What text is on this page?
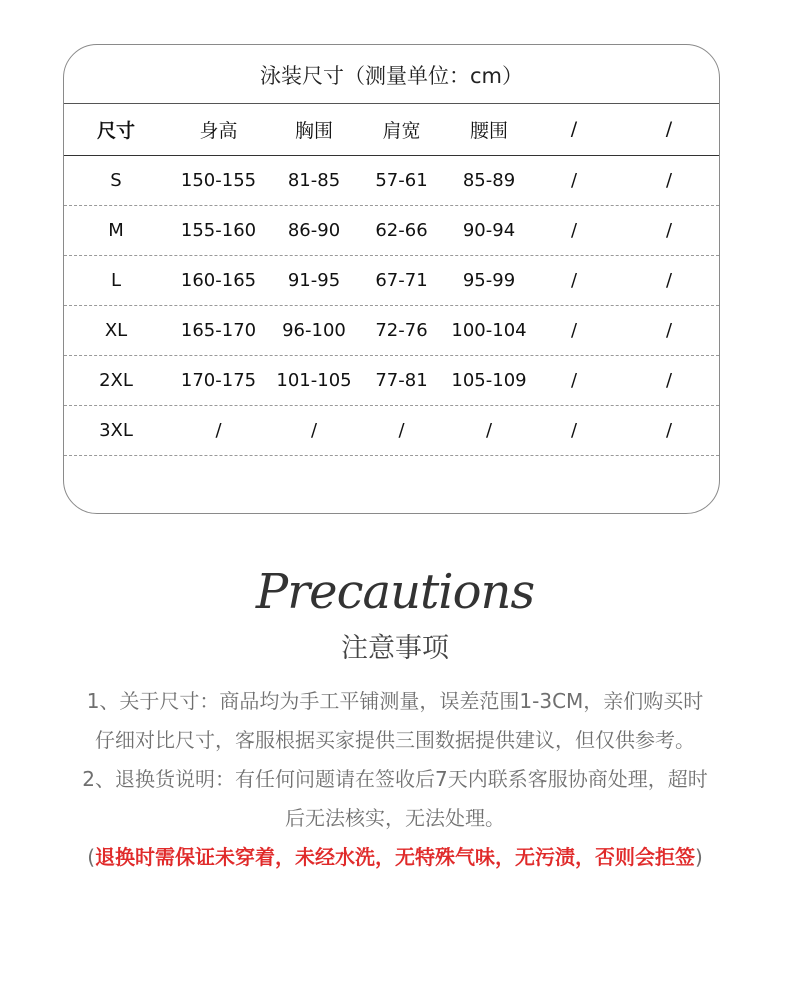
泳装尺寸（测量单位：cm）
尺寸	身高	胸围	肩宽	腰围	/	/
S	150-155	81-85	57-61	85-89	/	/
M	155-160	86-90	62-66	90-94	/	/
L	160-165	91-95	67-71	95-99	/	/
XL	165-170	96-100	72-76	100-104	/	/
2XL	170-175	101-105	77-81	105-109	/	/
3XL	/	/	/	/	/	/
Precautions
注意事项

1、关于尺寸：商品均为手工平铺测量，误差范围1-3CM，亲们购买时仔细对比尺寸，客服根据买家提供三围数据提供建议，但仅供参考。

2、退换货说明：有任何问题请在签收后7天内联系客服协商处理，超时后无法核实，无法处理。

(退换时需保证未穿着，未经水洗，无特殊气味，无污渍，否则会拒签)
